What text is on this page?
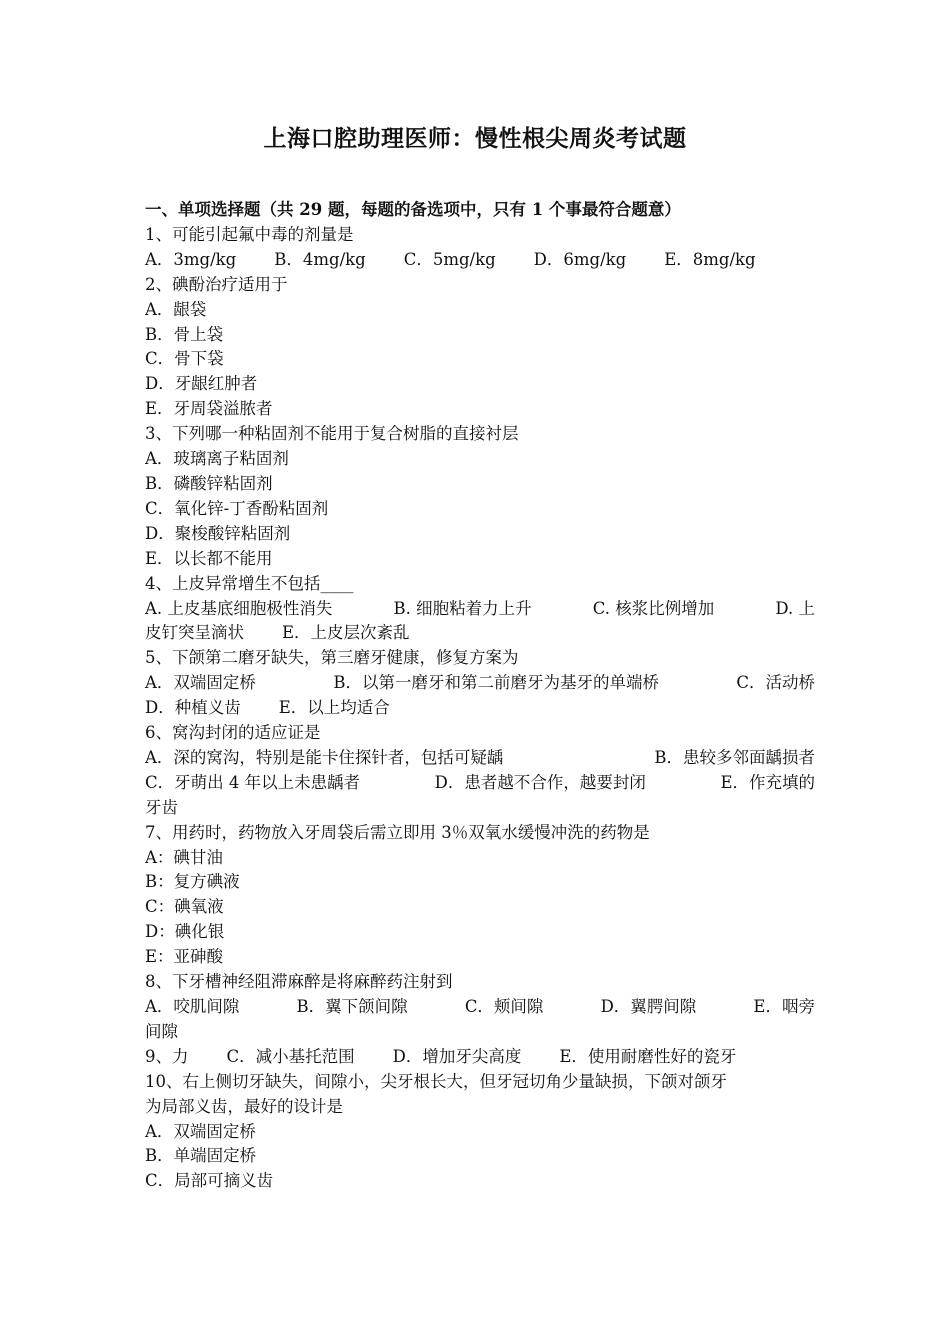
上海口腔助理医师：慢性根尖周炎考试题
一、单项选择题（共 29 题，每题的备选项中，只有 1 个事最符合题意）
1、可能引起氟中毒的剂量是
A．3mg/kg B．4mg/kg C．5mg/kg D．6mg/kg E．8mg/kg
2、碘酚治疗适用于
A．龈袋
B．骨上袋
C．骨下袋
D．牙龈红肿者
E．牙周袋溢脓者
3、下列哪一种粘固剂不能用于复合树脂的直接衬层
A．玻璃离子粘固剂
B．磷酸锌粘固剂
C．氧化锌-丁香酚粘固剂
D．聚梭酸锌粘固剂
E．以长都不能用
4、上皮异常增生不包括____
A. 上皮基底细胞极性消失	B. 细胞粘着力上升	C. 核浆比例增加	D. 上
皮钉突呈滴状 E．上皮层次紊乱
5、下颌第二磨牙缺失，第三磨牙健康，修复方案为
A．双端固定桥	B．以第一磨牙和第二前磨牙为基牙的单端桥	C．活动桥
D．种植义齿 E．以上均适合
6、窝沟封闭的适应证是
A．深的窝沟，特别是能卡住探针者，包括可疑龋	B．患较多邻面龋损者
C．牙萌出 4 年以上未患龋者	D．患者越不合作，越要封闭	E．作充填的
牙齿
7、用药时，药物放入牙周袋后需立即用 3％双氧水缓慢冲洗的药物是
A：碘甘油
B：复方碘液
C：碘氧液
D：碘化银
E：亚砷酸
8、下牙槽神经阻滞麻醉是将麻醉药注射到
A．咬肌间隙	B．翼下颌间隙	C．颊间隙	D．翼腭间隙	E．咽旁
间隙
9、力 C．减小基托范围 D．增加牙尖高度 E．使用耐磨性好的瓷牙
10、右上侧切牙缺失，间隙小，尖牙根长大，但牙冠切角少量缺损，下颌对颌牙
为局部义齿，最好的设计是
A．双端固定桥
B．单端固定桥
C．局部可摘义齿
